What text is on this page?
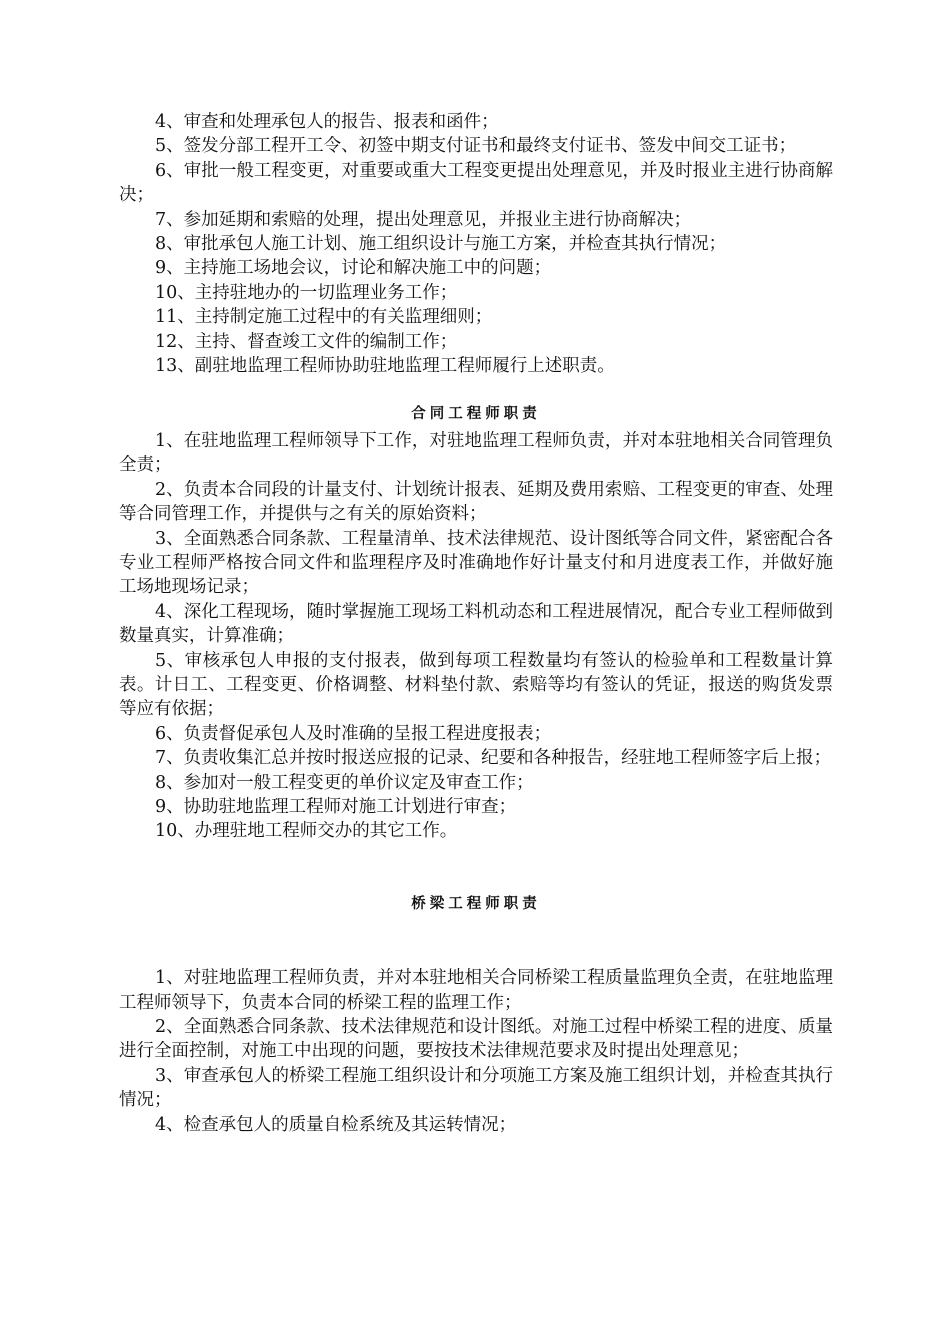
4、审查和处理承包人的报告、报表和函件；

5、签发分部工程开工令、初签中期支付证书和最终支付证书、签发中间交工证书；

6、审批一般工程变更，对重要或重大工程变更提出处理意见，并及时报业主进行协商解决；

7、参加延期和索赔的处理，提出处理意见，并报业主进行协商解决；

8、审批承包人施工计划、施工组织设计与施工方案，并检查其执行情况；

9、主持施工场地会议，讨论和解决施工中的问题；

10、主持驻地办的一切监理业务工作；

11、主持制定施工过程中的有关监理细则；

12、主持、督查竣工文件的编制工作；

13、副驻地监理工程师协助驻地监理工程师履行上述职责。

合同工程师职责

1、在驻地监理工程师领导下工作，对驻地监理工程师负责，并对本驻地相关合同管理负全责；

2、负责本合同段的计量支付、计划统计报表、延期及费用索赔、工程变更的审查、处理等合同管理工作，并提供与之有关的原始资料；

3、全面熟悉合同条款、工程量清单、技术法律规范、设计图纸等合同文件，紧密配合各专业工程师严格按合同文件和监理程序及时准确地作好计量支付和月进度表工作，并做好施工场地现场记录；

4、深化工程现场，随时掌握施工现场工料机动态和工程进展情况，配合专业工程师做到数量真实，计算准确；

5、审核承包人申报的支付报表，做到每项工程数量均有签认的检验单和工程数量计算表。计日工、工程变更、价格调整、材料垫付款、索赔等均有签认的凭证，报送的购货发票等应有依据；

6、负责督促承包人及时准确的呈报工程进度报表；

7、负责收集汇总并按时报送应报的记录、纪要和各种报告，经驻地工程师签字后上报；

8、参加对一般工程变更的单价议定及审查工作；

9、协助驻地监理工程师对施工计划进行审查；

10、办理驻地工程师交办的其它工作。

桥梁工程师职责

1、对驻地监理工程师负责，并对本驻地相关合同桥梁工程质量监理负全责，在驻地监理工程师领导下，负责本合同的桥梁工程的监理工作；

2、全面熟悉合同条款、技术法律规范和设计图纸。对施工过程中桥梁工程的进度、质量进行全面控制，对施工中出现的问题，要按技术法律规范要求及时提出处理意见；

3、审查承包人的桥梁工程施工组织设计和分项施工方案及施工组织计划，并检查其执行情况；

4、检查承包人的质量自检系统及其运转情况；
